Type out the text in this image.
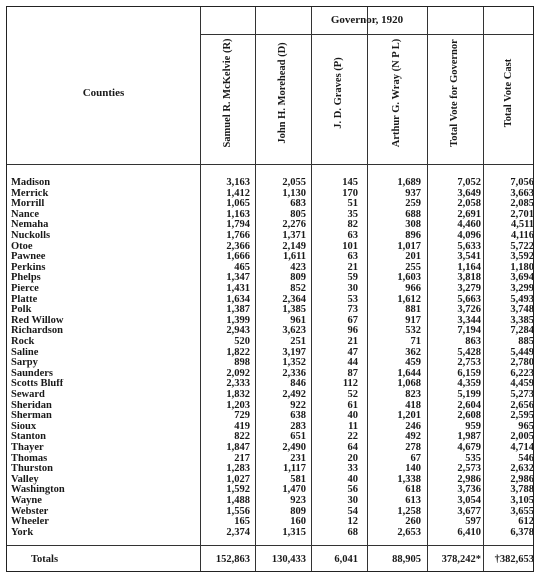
Governor, 1920
Counties	Samuel R. McKelvie (R)	John H. Morehead (D)	J. D. Graves (P)	Arthur G. Wray (N P L)	Total Vote for Governor	Total Vote Cast
Madison	3,163	2,055	145	1,689	7,052	7,056
Merrick	1,412	1,130	170	937	3,649	3,663
Morrill	1,065	683	51	259	2,058	2,085
Nance	1,163	805	35	688	2,691	2,701
Nemaha	1,794	2,276	82	308	4,460	4,511
Nuckolls	1,766	1,371	63	896	4,096	4,116
Otoe	2,366	2,149	101	1,017	5,633	5,722
Pawnee	1,666	1,611	63	201	3,541	3,592
Perkins	465	423	21	255	1,164	1,180
Phelps	1,347	809	59	1,603	3,818	3,694
Pierce	1,431	852	30	966	3,279	3,299
Platte	1,634	2,364	53	1,612	5,663	5,493
Polk	1,387	1,385	73	881	3,726	3,748
Red Willow	1,399	961	67	917	3,344	3,385
Richardson	2,943	3,623	96	532	7,194	7,284
Rock	520	251	21	71	863	885
Saline	1,822	3,197	47	362	5,428	5,449
Sarpy	898	1,352	44	459	2,753	2,780
Saunders	2,092	2,336	87	1,644	6,159	6,223
Scotts Bluff	2,333	846	112	1,068	4,359	4,459
Seward	1,832	2,492	52	823	5,199	5,273
Sheridan	1,203	922	61	418	2,604	2,656
Sherman	729	638	40	1,201	2,608	2,595
Sioux	419	283	11	246	959	965
Stanton	822	651	22	492	1,987	2,005
Thayer	1,847	2,490	64	278	4,679	4,714
Thomas	217	231	20	67	535	546
Thurston	1,283	1,117	33	140	2,573	2,632
Valley	1,027	581	40	1,338	2,986	2,986
Washington	1,592	1,470	56	618	3,736	3,788
Wayne	1,488	923	30	613	3,054	3,105
Webster	1,556	809	54	1,258	3,677	3,655
Wheeler	165	160	12	260	597	612
York	2,374	1,315	68	2,653	6,410	6,378
Totals	152,863	130,433	6,041	88,905	378,242*	†382,653
